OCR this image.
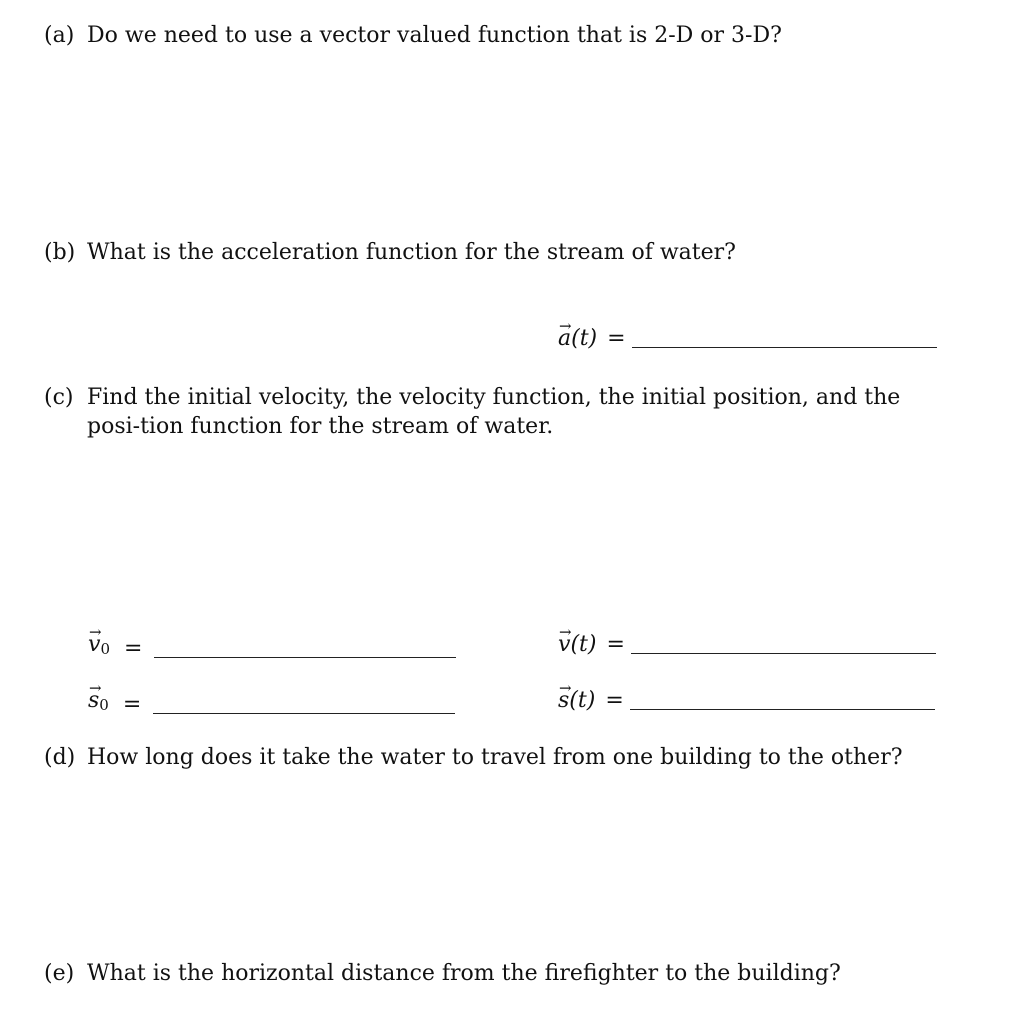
(a) Do we need to use a vector valued function that is 2-D or 3-D?
(b) What is the acceleration function for the stream of water?
→ a(t) =
(c) Find the initial velocity, the velocity function, the initial position, and the posi-tion function for the stream of water.
→ $v_0$ =	→ v(t) =
→ $s_0$ =	→ s(t) =
(d) How long does it take the water to travel from one building to the other?
(e) What is the horizontal distance from the firefighter to the building?
